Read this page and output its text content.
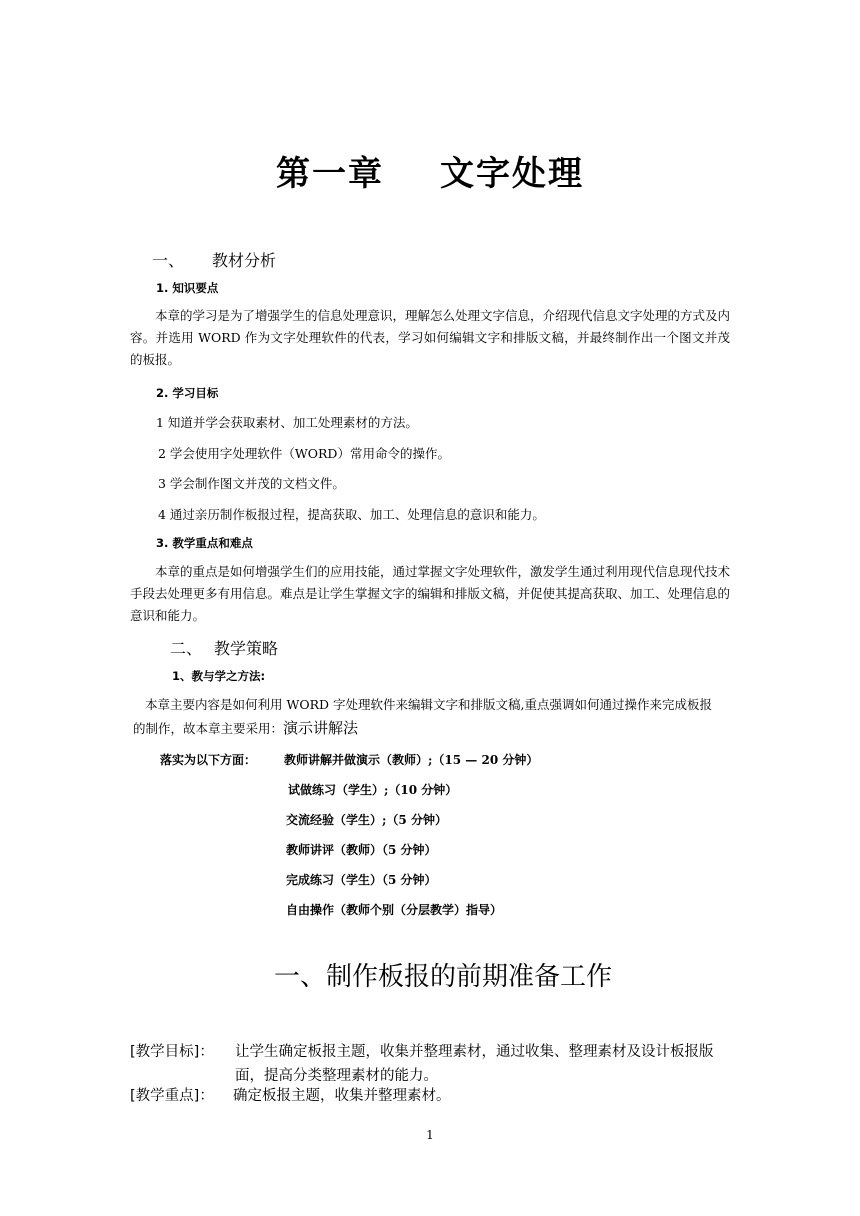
第一章 文字处理
一、 教材分析
1. 知识要点
本章的学习是为了增强学生的信息处理意识，理解怎么处理文字信息，介绍现代信息文字处理的方式及内容。并选用 WORD 作为文字处理软件的代表，学习如何编辑文字和排版文稿，并最终制作出一个图文并茂的板报。
2. 学习目标
1 知道并学会获取素材、加工处理素材的方法。
2 学会使用字处理软件（WORD）常用命令的操作。
3 学会制作图文并茂的文档文件。
4 通过亲历制作板报过程，提高获取、加工、处理信息的意识和能力。
3. 教学重点和难点
本章的重点是如何增强学生们的应用技能，通过掌握文字处理软件，激发学生通过利用现代信息现代技术手段去处理更多有用信息。难点是让学生掌握文字的编辑和排版文稿，并促使其提高获取、加工、处理信息的意识和能力。
二、 教学策略
1、教与学之方法:
本章主要内容是如何利用 WORD 字处理软件来编辑文字和排版文稿,重点强调如何通过操作来完成板报
的制作，故本章主要采用：演示讲解法
落实为以下方面： 教师讲解并做演示（教师）;（15 — 20 分钟）
试做练习（学生）;（10 分钟）
交流经验（学生）;（5 分钟）
教师讲评（教师）（5 分钟）
完成练习（学生）（5 分钟）
自由操作（教师个别（分层教学）指导）
一、制作板报的前期准备工作
[教学目标]： 让学生确定板报主题，收集并整理素材，通过收集、整理素材及设计板报版面，提高分类整理素材的能力。
[教学重点]： 确定板报主题，收集并整理素材。
1
